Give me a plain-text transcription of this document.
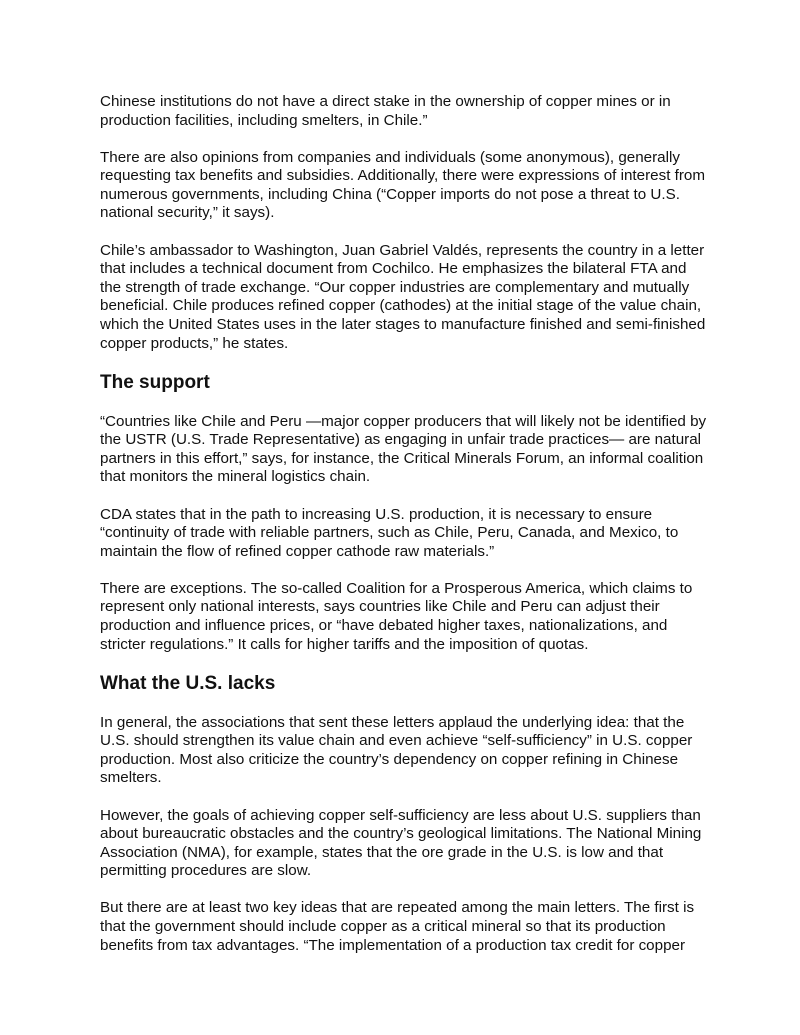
Chinese institutions do not have a direct stake in the ownership of copper mines or in production facilities, including smelters, in Chile.”

There are also opinions from companies and individuals (some anonymous), generally requesting tax benefits and subsidies. Additionally, there were expressions of interest from numerous governments, including China (“Copper imports do not pose a threat to U.S. national security,” it says).

Chile’s ambassador to Washington, Juan Gabriel Valdés, represents the country in a letter that includes a technical document from Cochilco. He emphasizes the bilateral FTA and the strength of trade exchange. “Our copper industries are complementary and mutually beneficial. Chile produces refined copper (cathodes) at the initial stage of the value chain, which the United States uses in the later stages to manufacture finished and semi-finished copper products,” he states.

The support

“Countries like Chile and Peru —major copper producers that will likely not be identified by the USTR (U.S. Trade Representative) as engaging in unfair trade practices— are natural partners in this effort,” says, for instance, the Critical Minerals Forum, an informal coalition that monitors the mineral logistics chain.

CDA states that in the path to increasing U.S. production, it is necessary to ensure “continuity of trade with reliable partners, such as Chile, Peru, Canada, and Mexico, to maintain the flow of refined copper cathode raw materials.”

There are exceptions. The so-called Coalition for a Prosperous America, which claims to represent only national interests, says countries like Chile and Peru can adjust their production and influence prices, or “have debated higher taxes, nationalizations, and stricter regulations.” It calls for higher tariffs and the imposition of quotas.

What the U.S. lacks

In general, the associations that sent these letters applaud the underlying idea: that the U.S. should strengthen its value chain and even achieve “self-sufficiency” in U.S. copper production. Most also criticize the country’s dependency on copper refining in Chinese smelters.

However, the goals of achieving copper self-sufficiency are less about U.S. suppliers than about bureaucratic obstacles and the country’s geological limitations. The National Mining Association (NMA), for example, states that the ore grade in the U.S. is low and that permitting procedures are slow.

But there are at least two key ideas that are repeated among the main letters. The first is that the government should include copper as a critical mineral so that its production benefits from tax advantages. “The implementation of a production tax credit for copper
